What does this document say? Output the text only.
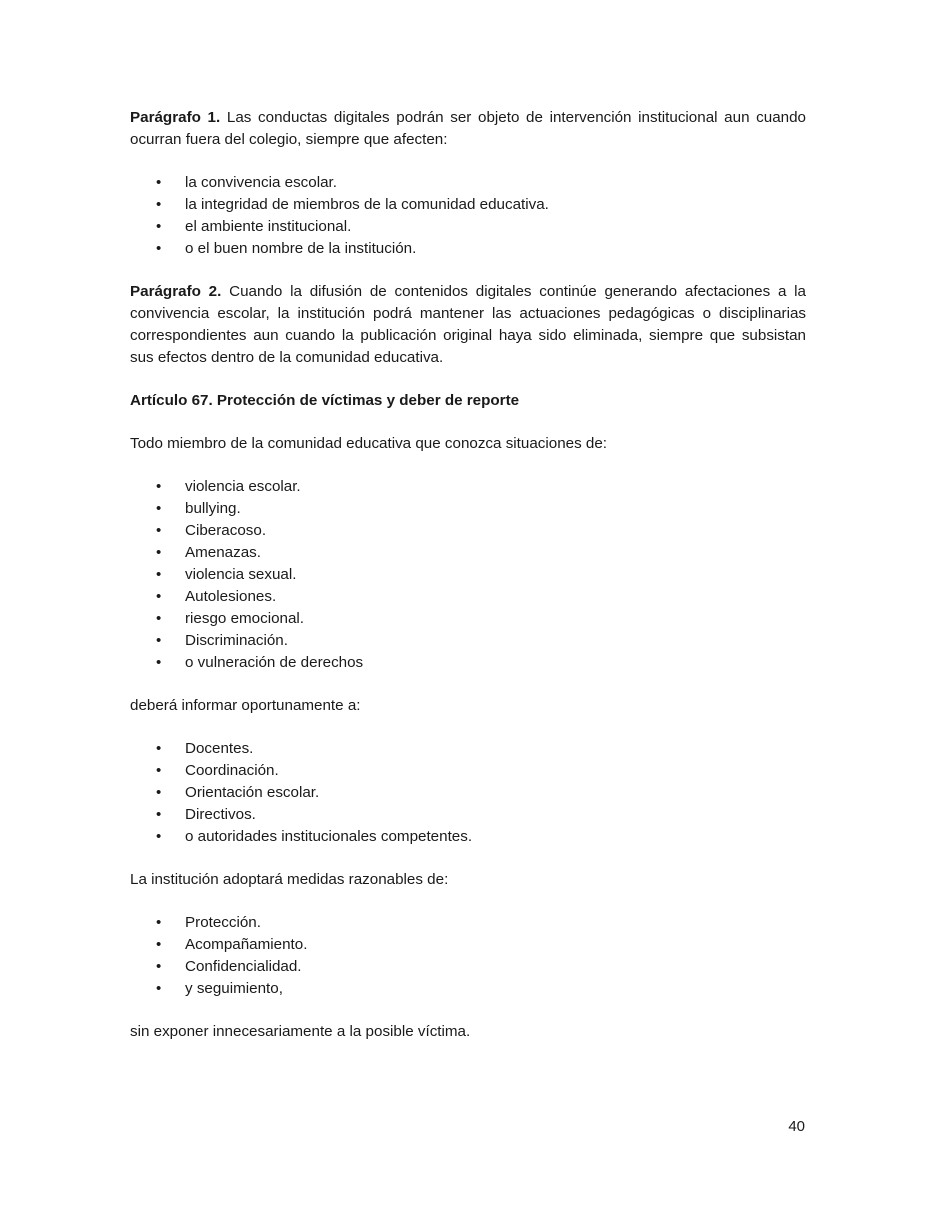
Parágrafo 1. Las conductas digitales podrán ser objeto de intervención institucional aun cuando ocurran fuera del colegio, siempre que afecten:

• la convivencia escolar.
• la integridad de miembros de la comunidad educativa.
• el ambiente institucional.
• o el buen nombre de la institución.

Parágrafo 2. Cuando la difusión de contenidos digitales continúe generando afectaciones a la convivencia escolar, la institución podrá mantener las actuaciones pedagógicas o disciplinarias correspondientes aun cuando la publicación original haya sido eliminada, siempre que subsistan sus efectos dentro de la comunidad educativa.

Artículo 67. Protección de víctimas y deber de reporte

Todo miembro de la comunidad educativa que conozca situaciones de:

• violencia escolar.
• bullying.
• Ciberacoso.
• Amenazas.
• violencia sexual.
• Autolesiones.
• riesgo emocional.
• Discriminación.
• o vulneración de derechos

deberá informar oportunamente a:

• Docentes.
• Coordinación.
• Orientación escolar.
• Directivos.
• o autoridades institucionales competentes.

La institución adoptará medidas razonables de:

• Protección.
• Acompañamiento.
• Confidencialidad.
• y seguimiento,

sin exponer innecesariamente a la posible víctima.

40
